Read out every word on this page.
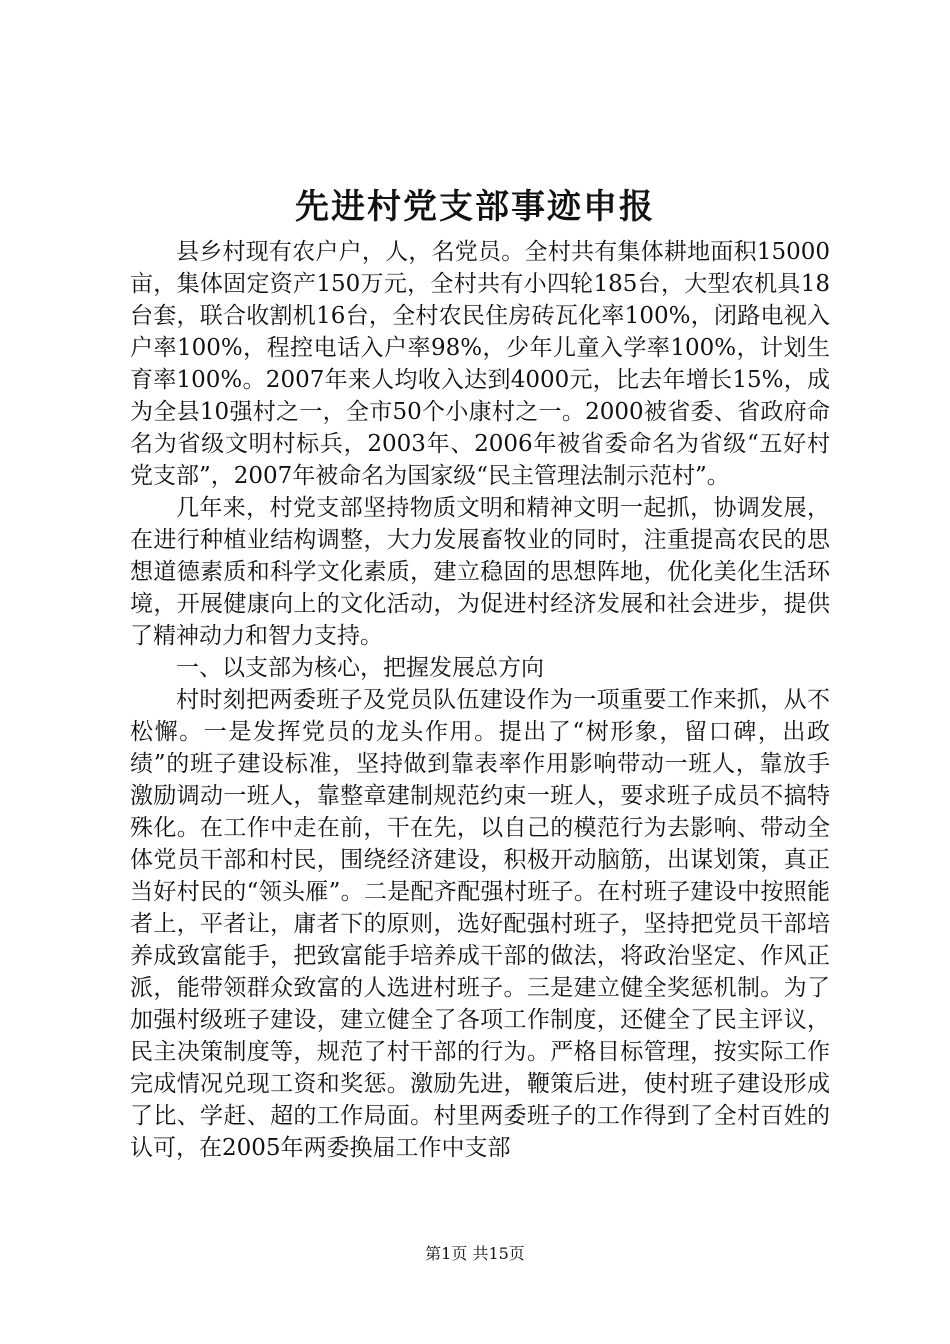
先进村党支部事迹申报

县乡村现有农户户，人，名党员。全村共有集体耕地面积15000亩，集体固定资产150万元，全村共有小四轮185台，大型农机具18台套，联合收割机16台，全村农民住房砖瓦化率100%，闭路电视入户率100%，程控电话入户率98%，少年儿童入学率100%，计划生育率100%。2007年来人均收入达到4000元，比去年增长15%，成为全县10强村之一，全市50个小康村之一。2000被省委、省政府命名为省级文明村标兵，2003年、2006年被省委命名为省级“五好村党支部”，2007年被命名为国家级“民主管理法制示范村”。

几年来，村党支部坚持物质文明和精神文明一起抓，协调发展，在进行种植业结构调整，大力发展畜牧业的同时，注重提高农民的思想道德素质和科学文化素质，建立稳固的思想阵地，优化美化生活环境，开展健康向上的文化活动，为促进村经济发展和社会进步，提供了精神动力和智力支持。

一、以支部为核心，把握发展总方向

村时刻把两委班子及党员队伍建设作为一项重要工作来抓，从不松懈。一是发挥党员的龙头作用。提出了“树形象，留口碑，出政绩”的班子建设标准，坚持做到靠表率作用影响带动一班人，靠放手激励调动一班人，靠整章建制规范约束一班人，要求班子成员不搞特殊化。在工作中走在前，干在先，以自己的模范行为去影响、带动全体党员干部和村民，围绕经济建设，积极开动脑筋，出谋划策，真正当好村民的“领头雁”。二是配齐配强村班子。在村班子建设中按照能者上，平者让，庸者下的原则，选好配强村班子，坚持把党员干部培养成致富能手，把致富能手培养成干部的做法，将政治坚定、作风正派，能带领群众致富的人选进村班子。三是建立健全奖惩机制。为了加强村级班子建设，建立健全了各项工作制度，还健全了民主评议，民主决策制度等，规范了村干部的行为。严格目标管理，按实际工作完成情况兑现工资和奖惩。激励先进，鞭策后进，使村班子建设形成了比、学赶、超的工作局面。村里两委班子的工作得到了全村百姓的认可，在2005年两委换届工作中支部

第1页 共15页
